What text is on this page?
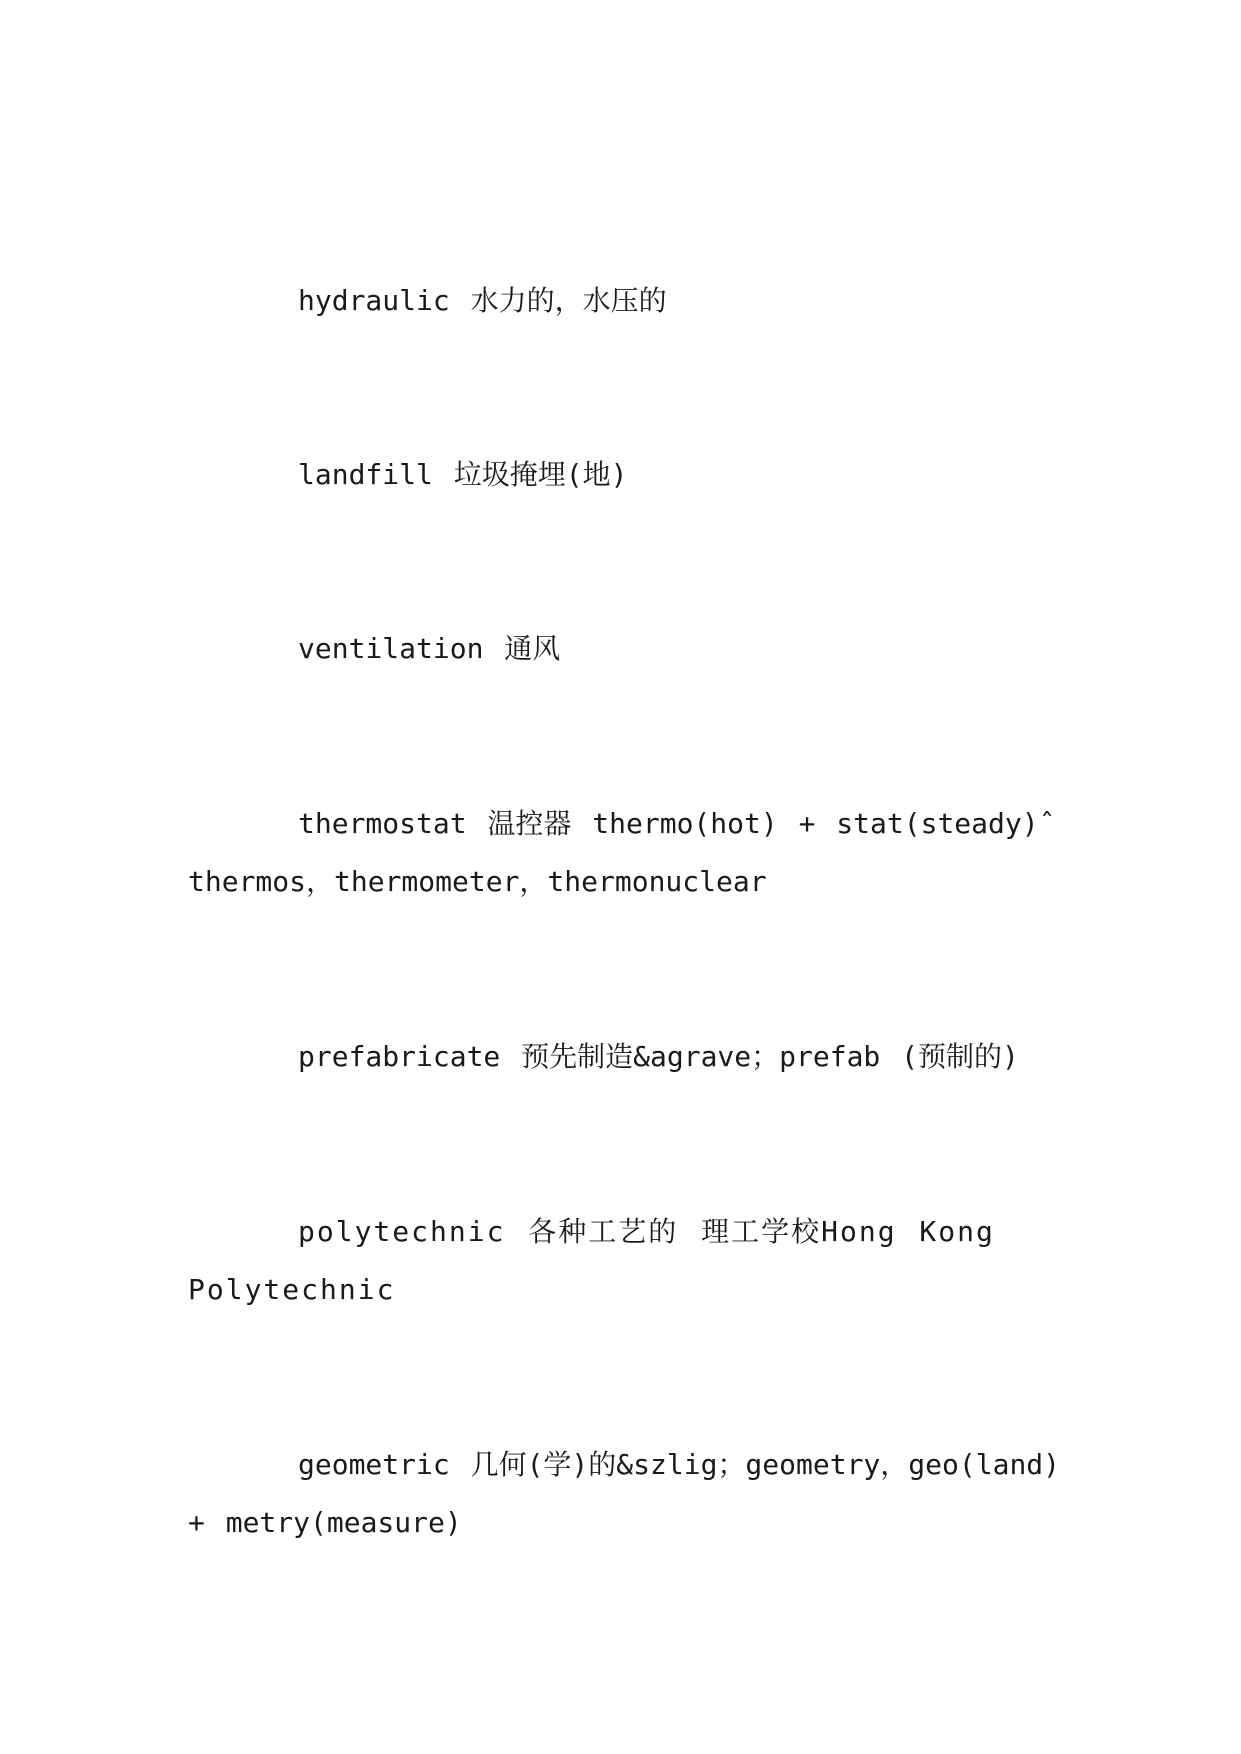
hydraulic 水力的，水压的

landfill 垃圾掩埋(地)

ventilation 通风

thermostat 温控器 thermo(hot) + stat(steady)ˆ thermos，thermometer，thermonuclear

prefabricate 预先制造&agrave；prefab (预制的)

polytechnic 各种工艺的 理工学校Hong Kong Polytechnic

geometric 几何(学)的&szlig；geometry，geo(land) + metry(measure)
